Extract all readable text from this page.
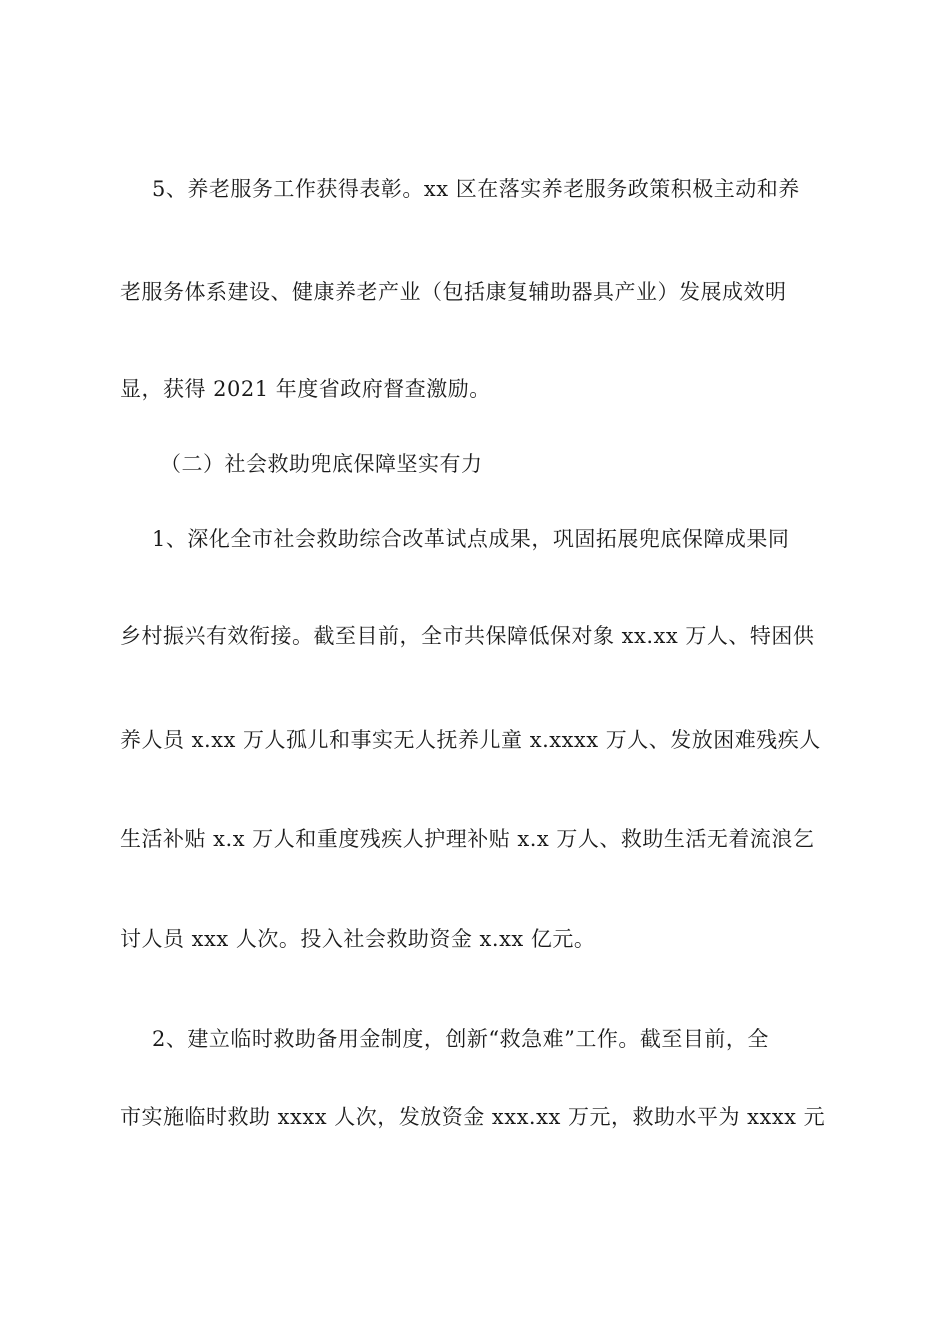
5、养老服务工作获得表彰。xx 区在落实养老服务政策积极主动和养
老服务体系建设、健康养老产业（包括康复辅助器具产业）发展成效明
显，获得 2021 年度省政府督查激励。
（二）社会救助兜底保障坚实有力
1、深化全市社会救助综合改革试点成果，巩固拓展兜底保障成果同
乡村振兴有效衔接。截至目前，全市共保障低保对象 xx.xx 万人、特困供
养人员 x.xx 万人孤儿和事实无人抚养儿童 x.xxxx 万人、发放困难残疾人
生活补贴 x.x 万人和重度残疾人护理补贴 x.x 万人、救助生活无着流浪乞
讨人员 xxx 人次。投入社会救助资金 x.xx 亿元。
2、建立临时救助备用金制度，创新“救急难”工作。截至目前，全
市实施临时救助 xxxx 人次，发放资金 xxx.xx 万元，救助水平为 xxxx 元
